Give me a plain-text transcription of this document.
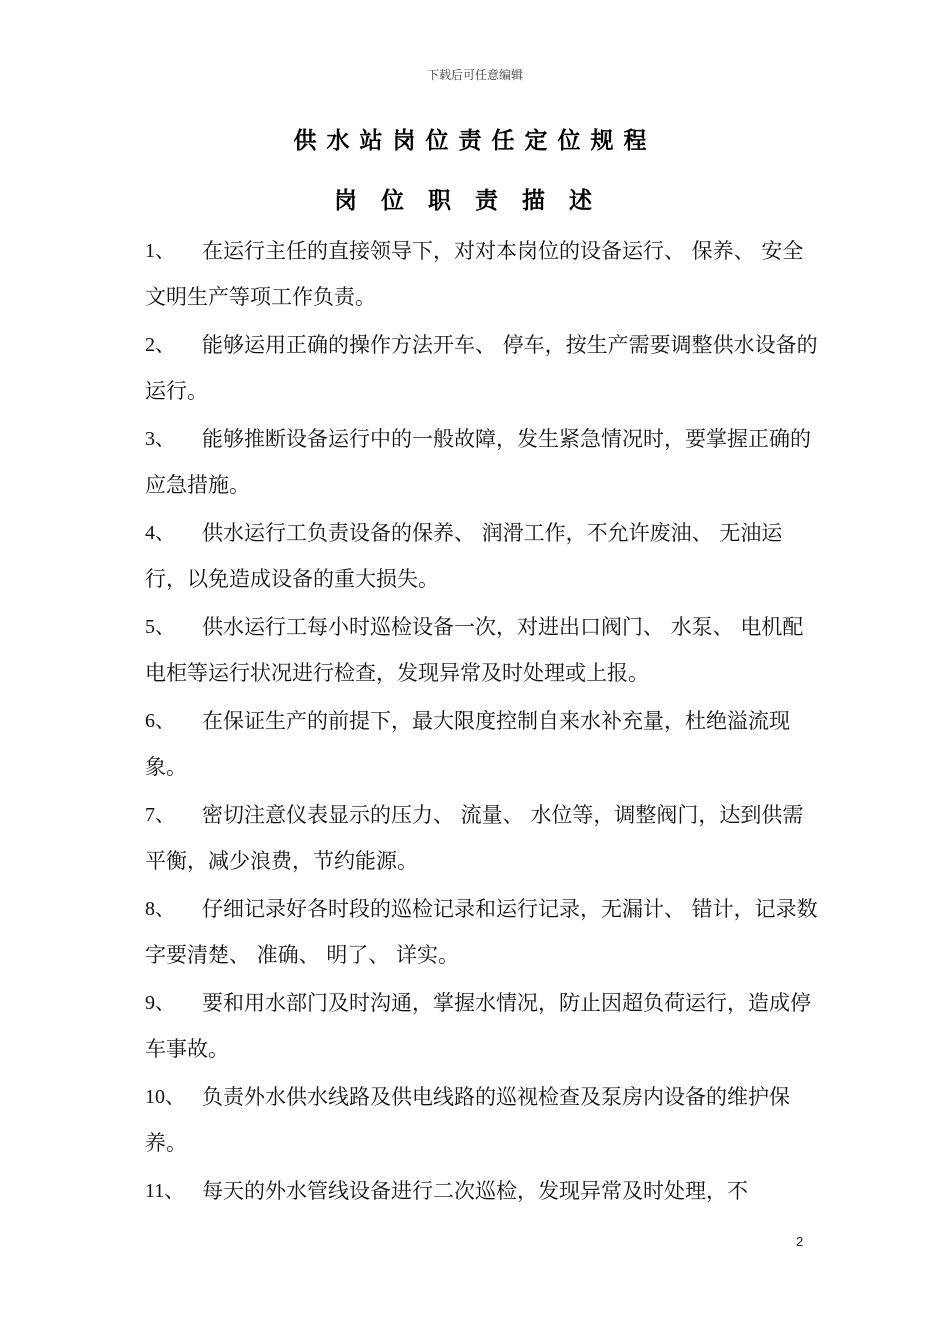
下载后可任意编辑
供水站岗位责任定位规程
岗位职责描述
1、	在运行主任的直接领导下，对对本岗位的设备运行、 保养、 安全文明生产等项工作负责。
2、	能够运用正确的操作方法开车、 停车，按生产需要调整供水设备的运行。
3、	能够推断设备运行中的一般故障，发生紧急情况时，要掌握正确的应急措施。
4、	供水运行工负责设备的保养、 润滑工作，不允许废油、 无油运行，以免造成设备的重大损失。
5、	供水运行工每小时巡检设备一次，对进出口阀门、 水泵、 电机配电柜等运行状况进行检查，发现异常及时处理或上报。
6、	在保证生产的前提下，最大限度控制自来水补充量，杜绝溢流现象。
7、	密切注意仪表显示的压力、 流量、 水位等，调整阀门，达到供需平衡，减少浪费，节约能源。
8、	仔细记录好各时段的巡检记录和运行记录，无漏计、 错计，记录数字要清楚、 准确、 明了、 详实。
9、	要和用水部门及时沟通，掌握水情况，防止因超负荷运行，造成停车事故。
10、 负责外水供水线路及供电线路的巡视检查及泵房内设备的维护保养。
11、 每天的外水管线设备进行二次巡检，发现异常及时处理，不
2
